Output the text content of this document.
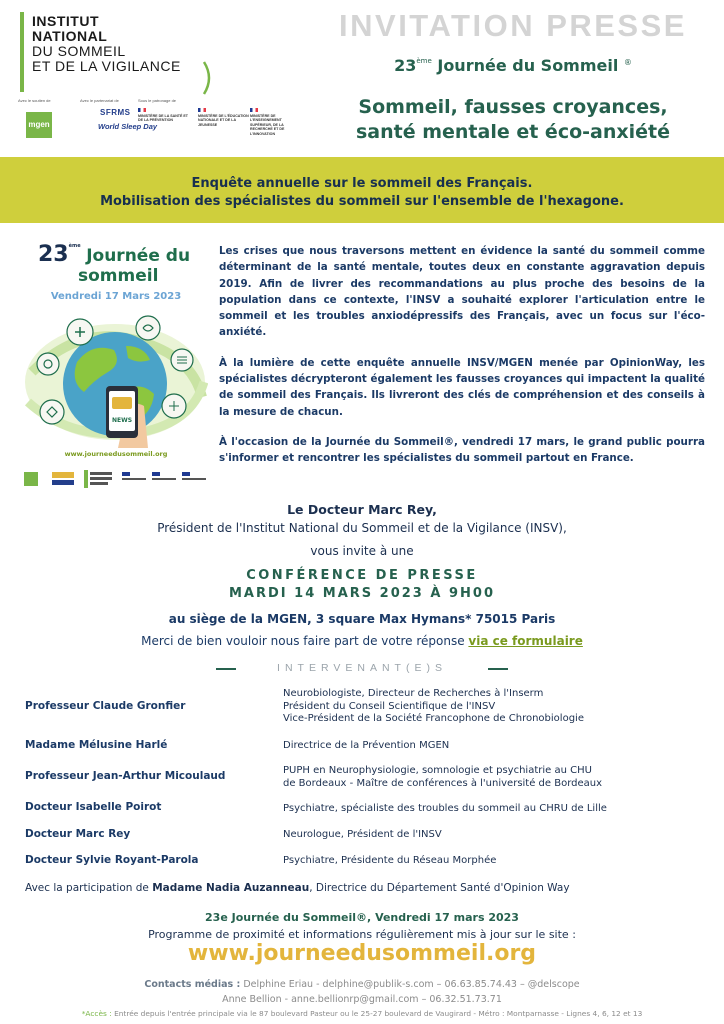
INSTITUT
NATIONAL
DU SOMMEIL
ET DE LA VIGILANCE
Avec le soutien de
mgen
Avec le partenariat de
SFRMS
World Sleep Day
Sous le patronage de
MINISTÈRE DE LA SANTÉ ET DE LA PRÉVENTION
MINISTÈRE DE L'ÉDUCATION NATIONALE ET DE LA JEUNESSE
MINISTÈRE DE L'ENSEIGNEMENT SUPÉRIEUR, DE LA RECHERCHE ET DE L'INNOVATION
INVITATION PRESSE
23ème Journée du Sommeil ®
Sommeil, fausses croyances,
santé mentale et éco-anxiété
Enquête annuelle sur le sommeil des Français.
Mobilisation des spécialistes du sommeil sur l'ensemble de l'hexagone.
23ème Journée du
sommeil
Vendredi 17 Mars 2023
NEWS
www.journeedusommeil.org

Les crises que nous traversons mettent en évidence la santé du sommeil comme déterminant de la santé mentale, toutes deux en constante aggravation depuis 2019. Afin de livrer des recommandations au plus proche des besoins de la population dans ce contexte, l'INSV a souhaité explorer l'articulation entre le sommeil et les troubles anxiodépressifs des Français, avec un focus sur l'éco-anxiété.

À la lumière de cette enquête annuelle INSV/MGEN menée par OpinionWay, les spécialistes décrypteront également les fausses croyances qui impactent la qualité de sommeil des Français. Ils livreront des clés de compréhension et des conseils à la mesure de chacun.

À l'occasion de la Journée du Sommeil®, vendredi 17 mars, le grand public pourra s'informer et rencontrer les spécialistes du sommeil partout en France.

Le Docteur Marc Rey,
Président de l'Institut National du Sommeil et de la Vigilance (INSV),
vous invite à une
CONFÉRENCE DE PRESSE
MARDI 14 MARS 2023 À 9H00
au siège de la MGEN, 3 square Max Hymans* 75015 Paris
Merci de bien vouloir nous faire part de votre réponse via ce formulaire
INTERVENANT(E)S
Professeur Claude Gronfier
Neurobiologiste, Directeur de Recherches à l'Inserm
Président du Conseil Scientifique de l'INSV
Vice-Président de la Société Francophone de Chronobiologie
Madame Mélusine Harlé	Directrice de la Prévention MGEN
Professeur Jean-Arthur Micoulaud	PUPH en Neurophysiologie, somnologie et psychiatrie au CHU
de Bordeaux - Maître de conférences à l'université de Bordeaux
Docteur Isabelle Poirot	Psychiatre, spécialiste des troubles du sommeil au CHRU de Lille
Docteur Marc Rey	Neurologue, Président de l'INSV
Docteur Sylvie Royant-Parola	Psychiatre, Présidente du Réseau Morphée
Avec la participation de Madame Nadia Auzanneau, Directrice du Département Santé d'Opinion Way
23e Journée du Sommeil®, Vendredi 17 mars 2023
Programme de proximité et informations régulièrement mis à jour sur le site :
www.journeedusommeil.org
Contacts médias : Delphine Eriau - delphine@publik-s.com – 06.63.85.74.43 – @delscope
Anne Bellion - anne.bellionrp@gmail.com – 06.32.51.73.71
*Accès : Entrée depuis l'entrée principale via le 87 boulevard Pasteur ou le 25-27 boulevard de Vaugirard - Métro : Montparnasse - Lignes 4, 6, 12 et 13
